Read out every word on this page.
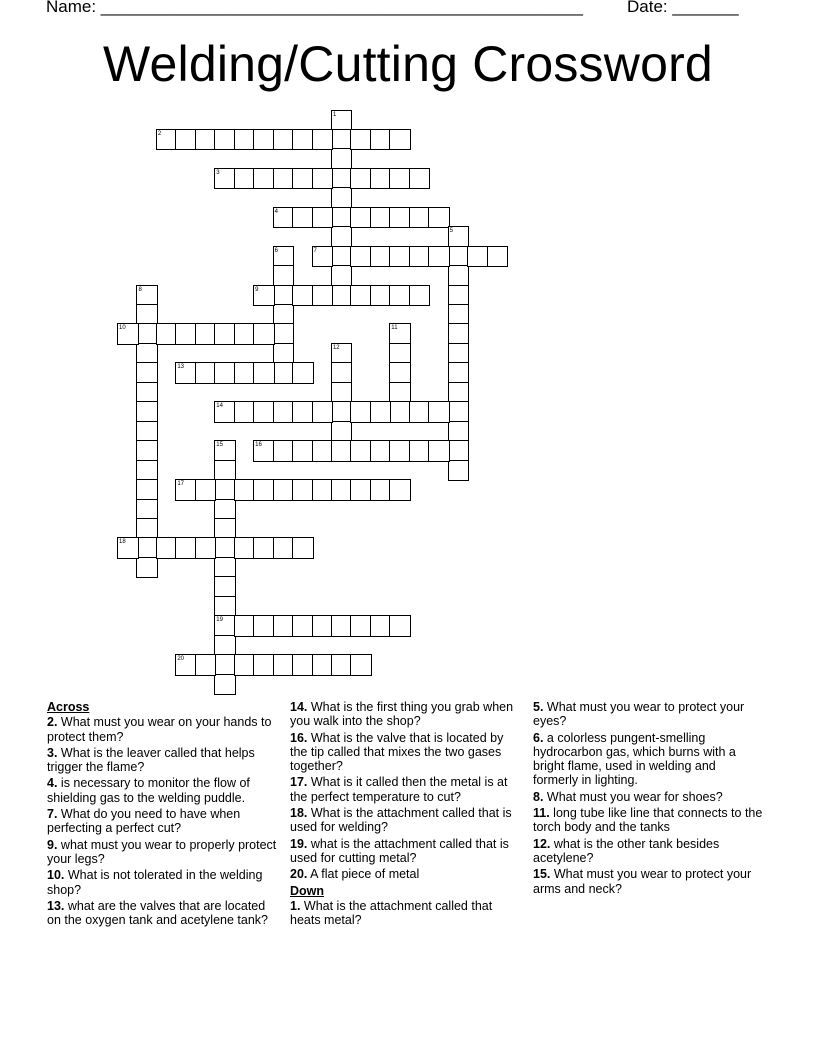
Name: ___________________________________________________	Date: _______
Welding/Cutting Crossword
1
2
3
4
5
6	7
8	9
10	11
12
13
14
15
19
16
17
18
20
Across
2. What must you wear on your hands to protect them?
3. What is the leaver called that helps trigger the flame?
4. is necessary to monitor the flow of shielding gas to the welding puddle.
7. What do you need to have when perfecting a perfect cut?
9. what must you wear to properly protect your legs?
10. What is not tolerated in the welding shop?
13. what are the valves that are located on the oxygen tank and acetylene tank?
14. What is the first thing you grab when you walk into the shop?
16. What is the valve that is located by the tip called that mixes the two gases together?
17. What is it called then the metal is at the perfect temperature to cut?
18. What is the attachment called that is used for welding?
19. what is the attachment called that is used for cutting metal?
20. A flat piece of metal
Down
1. What is the attachment called that heats metal?
5. What must you wear to protect your eyes?
6. a colorless pungent-smelling hydrocarbon gas, which burns with a bright flame, used in welding and formerly in lighting.
8. What must you wear for shoes?
11. long tube like line that connects to the torch body and the tanks
12. what is the other tank besides acetylene?
15. What must you wear to protect your arms and neck?
